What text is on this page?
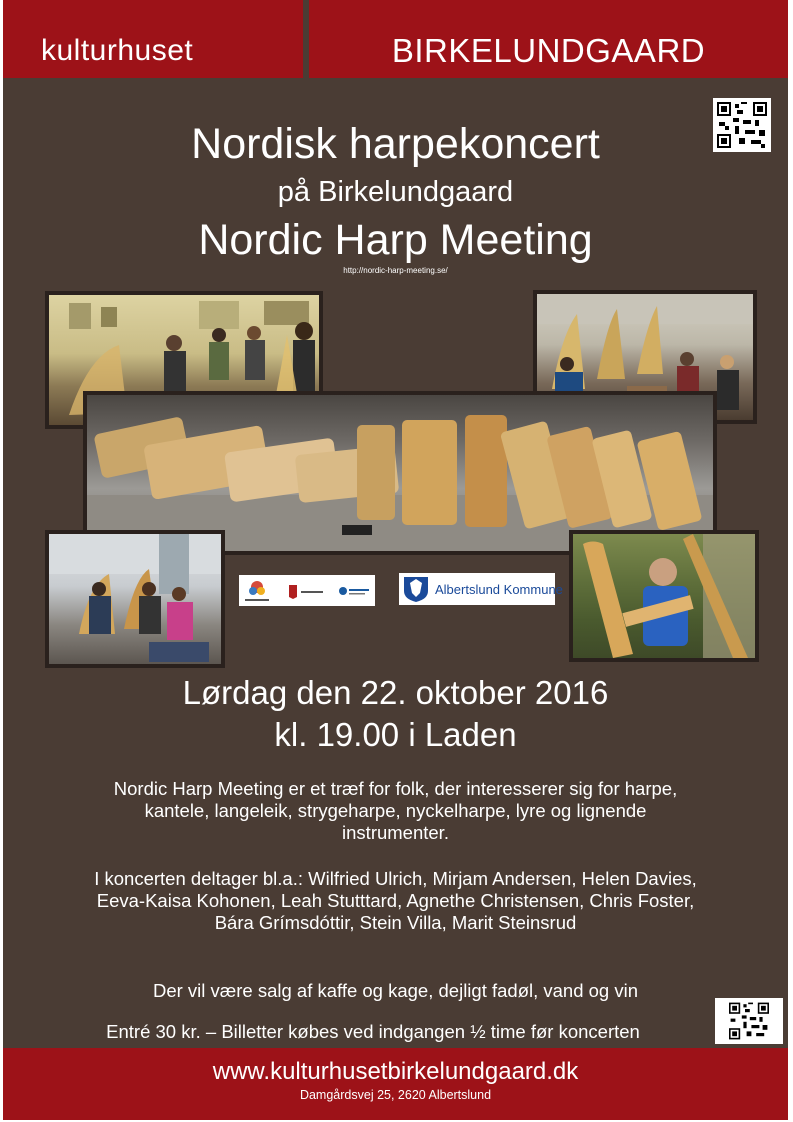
kulturhuset	BIRKELUNDGAARD
Nordisk harpekoncert
på Birkelundgaard
Nordic Harp Meeting
http://nordic-harp-meeting.se/
Albertslund Kommune
Lørdag den 22. oktober 2016
kl. 19.00 i Laden
Nordic Harp Meeting er et træf for folk, der interesserer sig for harpe,
kantele, langeleik, strygeharpe, nyckelharpe, lyre og lignende
instrumenter.
I koncerten deltager bl.a.: Wilfried Ulrich, Mirjam Andersen, Helen Davies,
Eeva-Kaisa Kohonen, Leah Stutttard, Agnethe Christensen, Chris Foster,
Bára Grímsdóttir, Stein Villa, Marit Steinsrud
Der vil være salg af kaffe og kage, dejligt fadøl, vand og vin
Entré 30 kr. – Billetter købes ved indgangen ½ time før koncerten
www.kulturhusetbirkelundgaard.dk
Damgårdsvej 25, 2620 Albertslund
